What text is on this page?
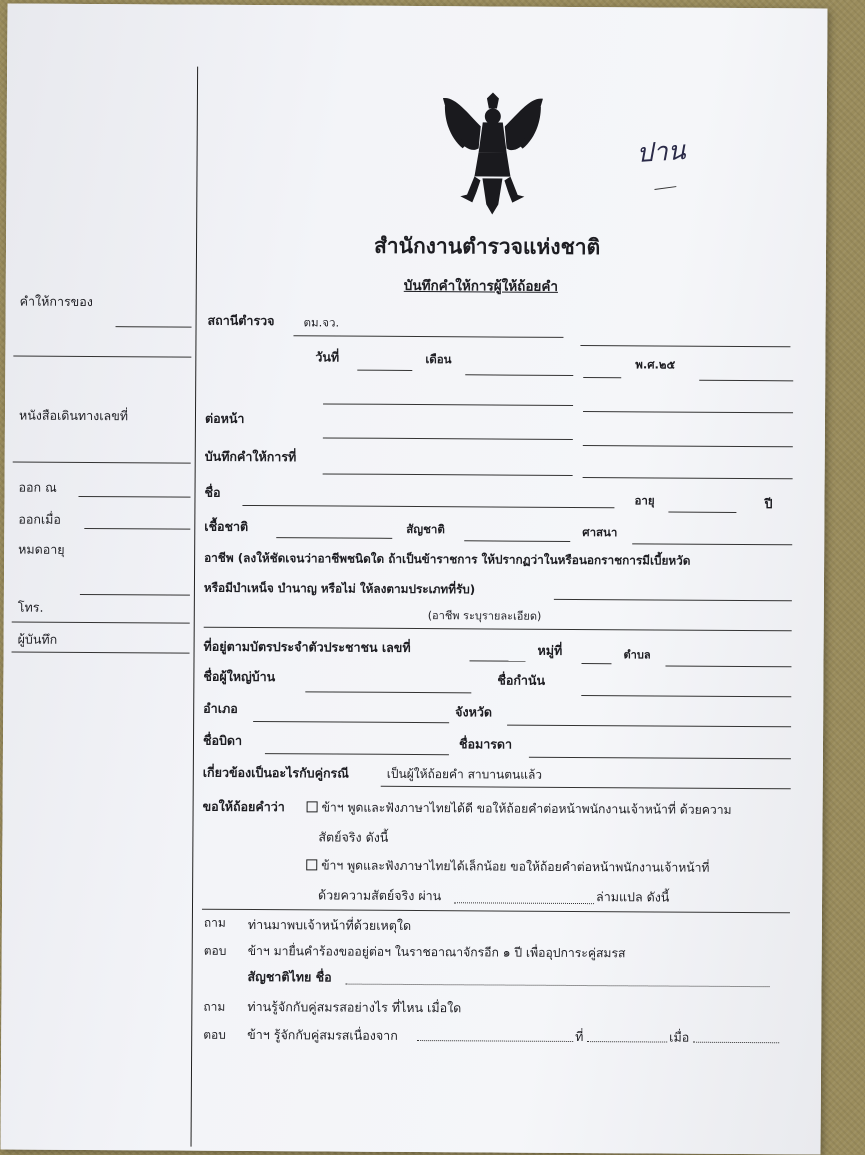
คำให้การของ
หนังสือเดินทางเลขที่
ออก ณ
ออกเมื่อ
หมดอายุ
โทร.
ผู้บันทึก
ปาน
สำนักงานตำรวจแห่งชาติ
บันทึกคำให้การผู้ให้ถ้อยคำ
สถานีตำรวจ	ตม.จว.
วันที่	เดือน	พ.ศ.๒๕
ต่อหน้า
บันทึกคำให้การที่
ชื่อ
อายุ	ปี
เชื้อชาติ	สัญชาติ	ศาสนา
อาชีพ (ลงให้ชัดเจนว่าอาชีพชนิดใด ถ้าเป็นข้าราชการ ให้ปรากฏว่าในหรือนอกราชการมีเบี้ยหวัด
หรือมีบำเหน็จ บำนาญ หรือไม่ ให้ลงตามประเภทที่รับ)
(อาชีพ ระบุรายละเอียด)
ที่อยู่ตามบัตรประจำตัวประชาชน เลขที่	หมู่ที่	ตำบล
ชื่อผู้ใหญ่บ้าน	ชื่อกำนัน
อำเภอ	จังหวัด
ชื่อบิดา	ชื่อมารดา
เกี่ยวข้องเป็นอะไรกับคู่กรณี	เป็นผู้ให้ถ้อยคำ สาบานตนแล้ว
ขอให้ถ้อยคำว่า	ข้าฯ พูดและฟังภาษาไทยได้ดี ขอให้ถ้อยคำต่อหน้าพนักงานเจ้าหน้าที่ ด้วยความ
สัตย์จริง ดังนี้
ข้าฯ พูดและฟังภาษาไทยได้เล็กน้อย ขอให้ถ้อยคำต่อหน้าพนักงานเจ้าหน้าที่
ด้วยความสัตย์จริง ผ่าน	ล่ามแปล ดังนี้
ถาม ท่านมาพบเจ้าหน้าที่ด้วยเหตุใด
ตอบ ข้าฯ มายื่นคำร้องขออยู่ต่อฯ ในราชอาณาจักรอีก ๑ ปี เพื่ออุปการะคู่สมรส
สัญชาติไทย ชื่อ
ถาม ท่านรู้จักกับคู่สมรสอย่างไร ที่ไหน เมื่อใด
ตอบ ข้าฯ รู้จักกับคู่สมรสเนื่องจาก	ที่	เมื่อ
